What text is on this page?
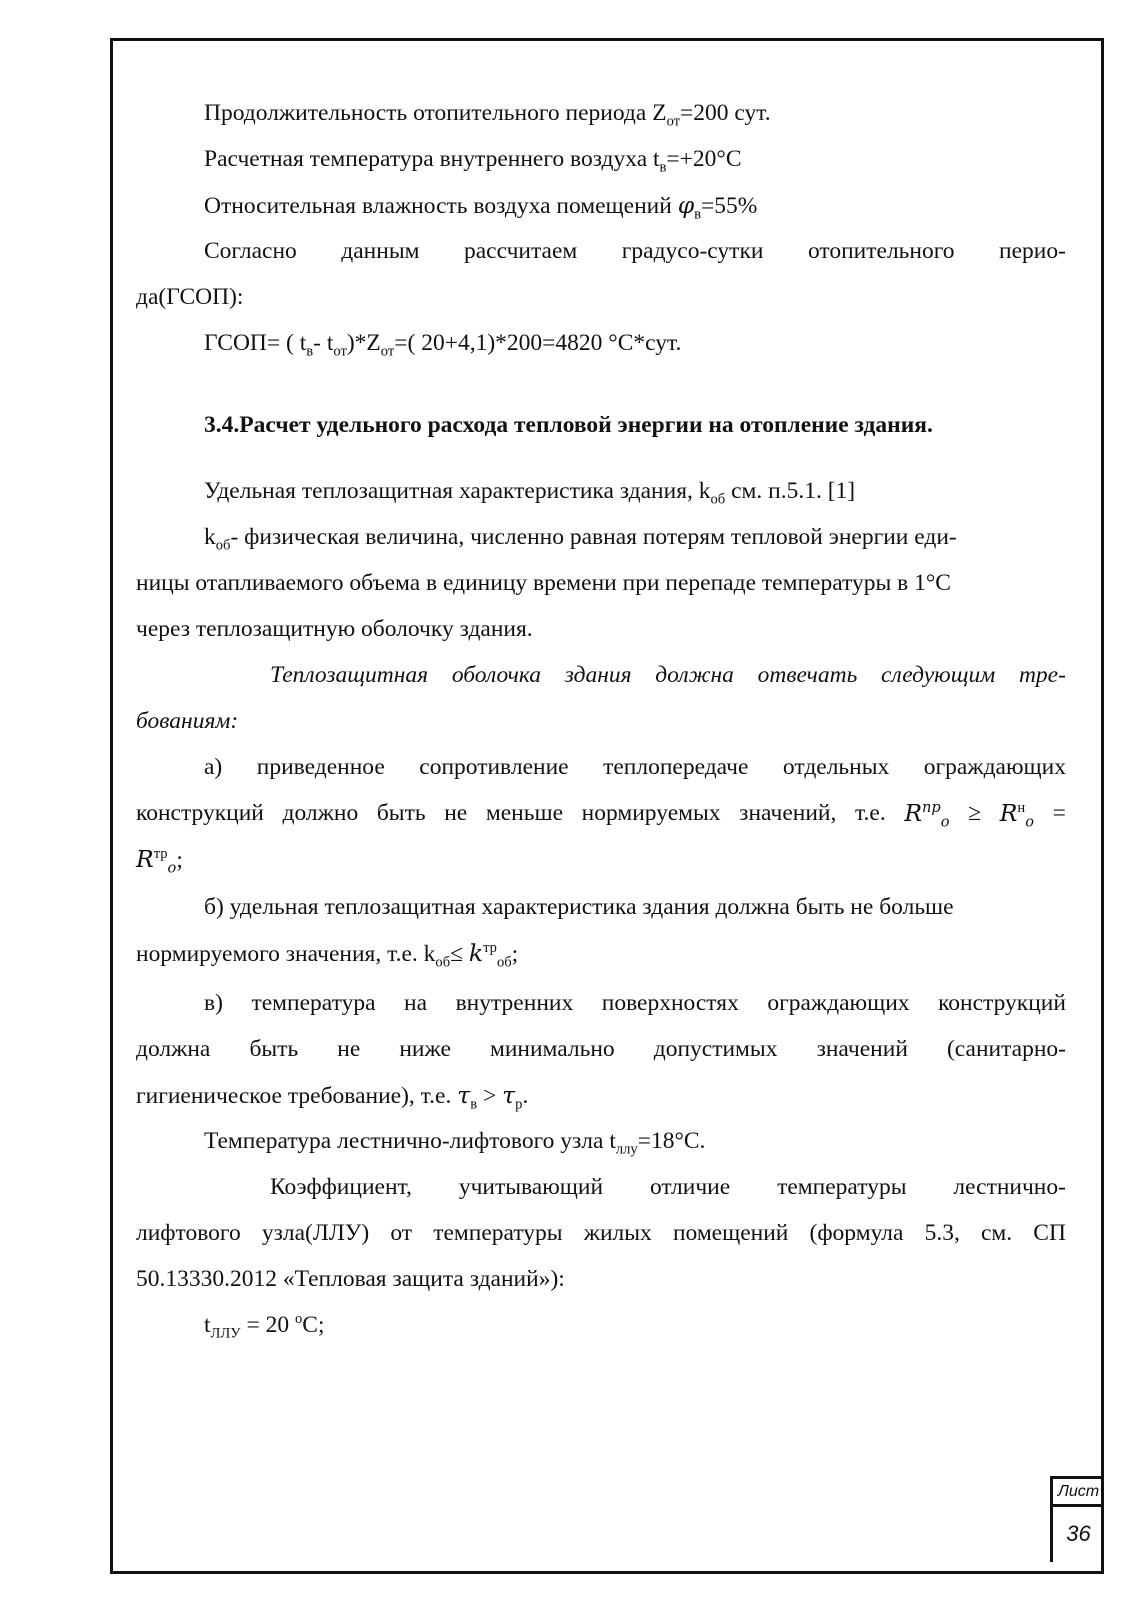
Продолжительность отопительного периода $Z_{от}=200$ сут.
Расчетная температура внутреннего воздуха $t_в=+20^\circ C$
Относительная влажность воздуха помещений $\varphi_в=55\%$
Согласно данным рассчитаем градусо-сутки отопительного перио-
да(ГСОП):
ГСОП= ( $t_в-$ $t_{от})*Z_{от}=$( 20+4,1)*200=4820 °C*сут.
3.4.Расчет удельного расхода тепловой энергии на отопление здания.
Удельная теплозащитная характеристика здания, $k_{об}$ см. п.5.1. [1]
$k_{об}-$ физическая величина, численно равная потерям тепловой энергии еди-
ницы отапливаемого объема в единицу времени при перепаде температуры в 1°C
через теплозащитную оболочку здания.
Теплозащитная оболочка здания должна отвечать следующим тре-
бованиям:
а) приведенное сопротивление теплопередаче отдельных ограждающих
конструкций должно быть не меньше нормируемых значений, т.е. $R^{np}_o \ge R^н_o$ =
$R^{тр}_o$;
б) удельная теплозащитная характеристика здания должна быть не больше
нормируемого значения, т.е. $k_{об}\le k^{тр}_{об}$;
в) температура на внутренних поверхностях ограждающих конструкций
должна быть не ниже минимально допустимых значений (санитарно-
гигиеническое требование), т.е. $\tau_в > \tau_р$.
Температура лестнично-лифтового узла $t_{ллу}=18^\circ C$.
Коэффициент, учитывающий отличие температуры лестнично-
лифтового узла(ЛЛУ) от температуры жилых помещений (формула 5.3, см. СП
50.13330.2012 «Тепловая защита зданий»):
$t_{ЛЛУ} = 20$ $^o$C;
Лист
36
